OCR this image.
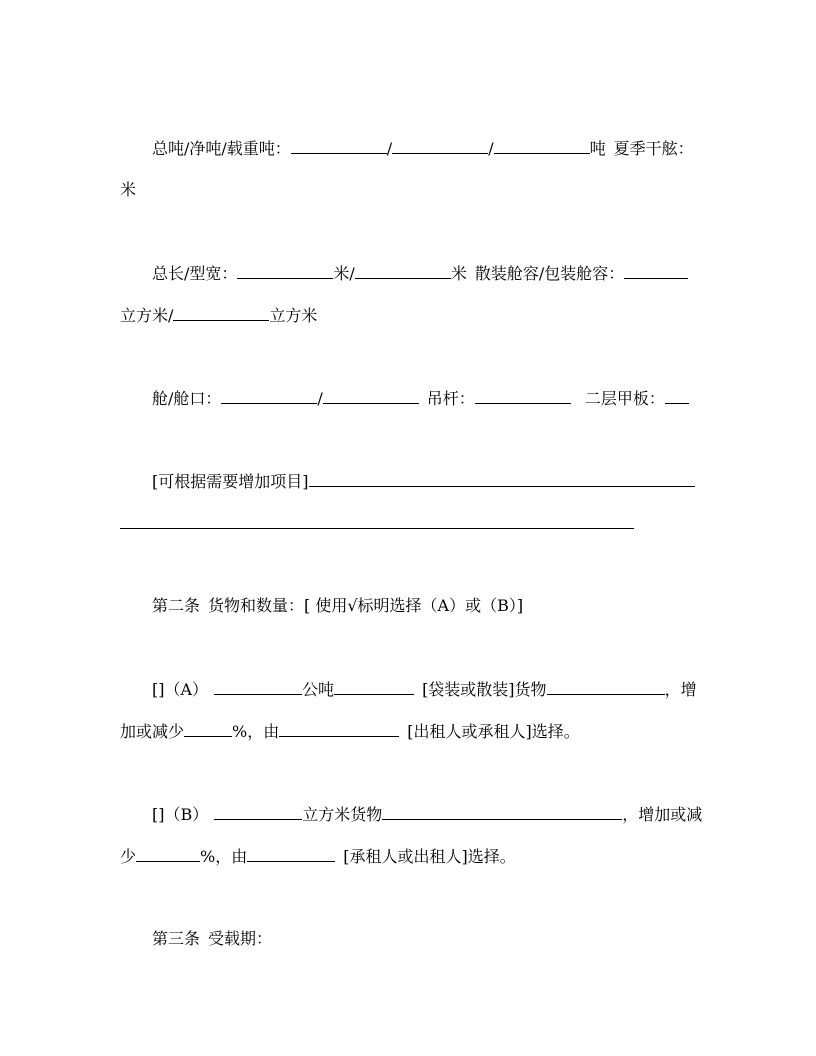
总吨/净吨/载重吨：	/	/	吨 夏季干舷：
米
总长/型宽：	米/	米 散装舱容/包装舱容：
立方米/	立方米
舱/舱口：	/	吊杆：	二层甲板：
[可根据需要增加项目]
第二条 货物和数量：[ 使用√标明选择（A）或（B）]
[]（A）	公吨	[袋装或散装]货物	，增
加或减少	%，由	[出租人或承租人]选择。
[]（B）	立方米货物	，增加或减
少	%，由	[承租人或出租人]选择。
第三条 受载期：
